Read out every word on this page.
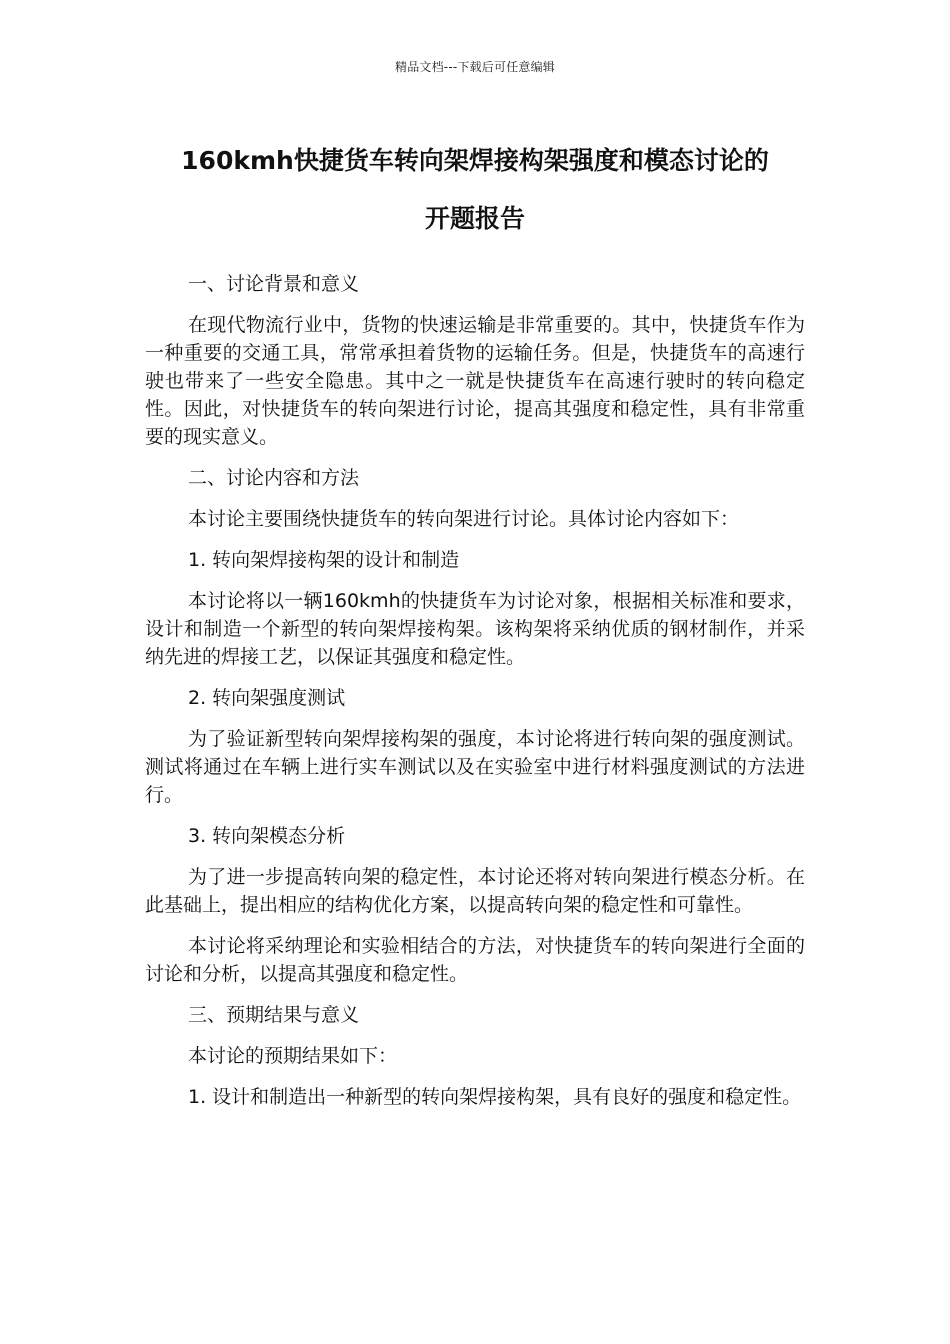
精品文档---下载后可任意编辑
160kmh快捷货车转向架焊接构架强度和模态讨论的
开题报告

一、讨论背景和意义

在现代物流行业中，货物的快速运输是非常重要的。其中，快捷货车作为一种重要的交通工具，常常承担着货物的运输任务。但是，快捷货车的高速行驶也带来了一些安全隐患。其中之一就是快捷货车在高速行驶时的转向稳定性。因此，对快捷货车的转向架进行讨论，提高其强度和稳定性，具有非常重要的现实意义。

二、讨论内容和方法

本讨论主要围绕快捷货车的转向架进行讨论。具体讨论内容如下：

1. 转向架焊接构架的设计和制造

本讨论将以一辆160kmh的快捷货车为讨论对象，根据相关标准和要求，设计和制造一个新型的转向架焊接构架。该构架将采纳优质的钢材制作，并采纳先进的焊接工艺，以保证其强度和稳定性。

2. 转向架强度测试

为了验证新型转向架焊接构架的强度，本讨论将进行转向架的强度测试。测试将通过在车辆上进行实车测试以及在实验室中进行材料强度测试的方法进行。

3. 转向架模态分析

为了进一步提高转向架的稳定性，本讨论还将对转向架进行模态分析。在此基础上，提出相应的结构优化方案，以提高转向架的稳定性和可靠性。

本讨论将采纳理论和实验相结合的方法，对快捷货车的转向架进行全面的讨论和分析，以提高其强度和稳定性。

三、预期结果与意义

本讨论的预期结果如下：

1. 设计和制造出一种新型的转向架焊接构架，具有良好的强度和稳定性。
